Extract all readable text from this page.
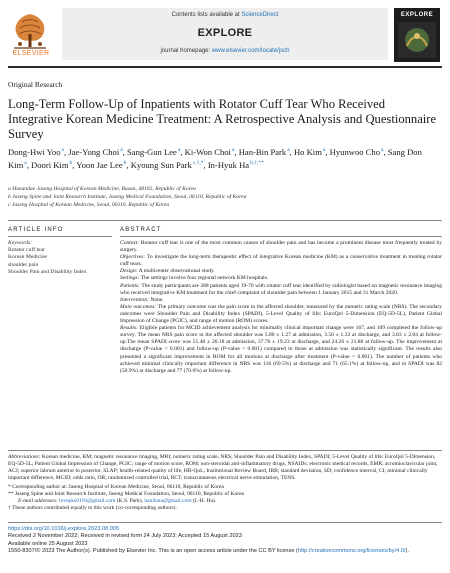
ELSEVIER
Contents lists available at ScienceDirect
EXPLORE
journal homepage: www.elsevier.com/locate/jsch
EXPLORE
Original Research
Long-Term Follow-Up of Inpatients with Rotator Cuff Tear Who Received Integrative Korean Medicine Treatment: A Retrospective Analysis and Questionnaire Survey
Dong-Hwi Yoo$^a$, Jae-Yong Choi$^a$, Sang-Gun Lee$^a$, Ki-Won Choi$^a$, Han-Bin Park$^a$, Ho Kim$^a$, Hyunwoo Cho$^a$, Sang Don Kim$^a$, Doori Kim$^b$, Yoon Jae Lee$^b$, Kyoung Sun Park$^{c,\dagger,*}$, In-Hyuk $Ha^{b,\dagger,**}$
a Haeundae Jaseng Hospital of Korean Medicine, Busan, 48102, Republic of Korea
b Jaseng Spine and Joint Research Institute, Jaseng Medical Foundation, Seoul, 06110, Republic of Korea
c Jaseng Hospital of Korean Medicine, Seoul, 06110, Republic of Korea
ARTICLE INFO	ABSTRACT
Keywords:
Rotator cuff tear
Korean Medicine
shoulder pain
Shoulder Pain and Disability Index

Context: Rotator cuff tear is one of the most common causes of shoulder pain and has become a prominent disease most frequently treated by surgery.

Objectives: To investigate the long-term therapeutic effect of integrative Korean medicine (KM) as a conservative treatment in treating rotator cuff tears.

Design: A multicenter observational study.

Settings: The settings involve four regional network KM hospitals.

Patients: The study participants are 288 patients aged 19-70 with rotator cuff tear identified by radiologist based on magnetic resonance imaging who received integrative KM treatment for the chief complaint of shoulder pain between 1 January 2015 and 31 March 2020.

Intervention: None.

Main outcomes: The primary outcome was the pain score in the affected shoulder, measured by the numeric rating scale (NRS). The secondary outcomes were Shoulder Pain and Disability Index (SPADI), 5-Level Quality of life: EuroQol 5-Dimension (EQ-5D-5L), Patient Global Impression of Change (PGIC), and range of motion (ROM) scores.

Results: Eligible patients for MCID achievement analysis for minimally clinical important change were 167, and 109 completed the follow-up survey. The mean NRS pain score in the affected shoulder was 5.80 ± 1.27 at admission, 3.50 ± 1.32 at discharge, and 3.83 ± 2.04 at follow-up.The mean SPADI score was 51.48 ± 20.18 at admission, 37.76 ± 19.23 at discharge, and 24.26 ± 21.80 at follow-up. The improvement at discharge (P-value < 0.001) and follow-up (P-value < 0.001) compared to those at admission was statistically significant. The results also presented a significant improvement in ROM for all motions at discharge after treatment (P-value < 0.001). The number of patients who achieved minimal clinically important difference in NRS was 116 (69.5%) at discharge and 71 (65.1%) at follow-up, and in SPADI was 82 (50.9%) at discharge and 77 (70.6%) at follow-up.

Abbreviations: Korean medicine, KM; magnetic resonance imaging, MRI; numeric rating scale, NRS; Shoulder Pain and Disability Index, SPADI; 5-Level Quality of life: EuroQol 5-Dimension, EQ-5D-5L; Patient Global Impression of Change, PGIC; range of motion score, ROM; non-steroidal anti-inflammatory drugs, NSAIDs; electronic medical records, EMR; acromioclavicular joint, ACJ; superior labrum anterior to posterior, SLAP; health-related quality of life, HR-QoL; Institutional Review Board, IRB; standard deviation, SD; confidence interval, CI; minimal clinically important difference, MCID; odds ratio, OR; randomized controlled trial, RCT; transcutaneous electrical nerve stimulation, TENS.

* Corresponding author at: Jaseng Hospital of Korean Medicine, Seoul, 06110, Republic of Korea

** Jaseng Spine and Joint Research Institute, Jaseng Medical Foundation, Seoul, 06110, Republic of Korea

E-mail addresses: lovepks0116@gmail.com (K.S. Park), hanihata@gmail.com (I.-H. Ha).

† These authors contributed equally to this work (co-corresponding authors).

https://doi.org/10.1016/j.explore.2023.08.005

Received 2 November 2022; Received in revised form 24 July 2023; Accepted 15 August 2023

Available online 25 August 2023

1550-8307/© 2023 The Author(s). Published by Elsevier Inc. This is an open access article under the CC BY license (http://creativecommons.org/licenses/by/4.0/).
